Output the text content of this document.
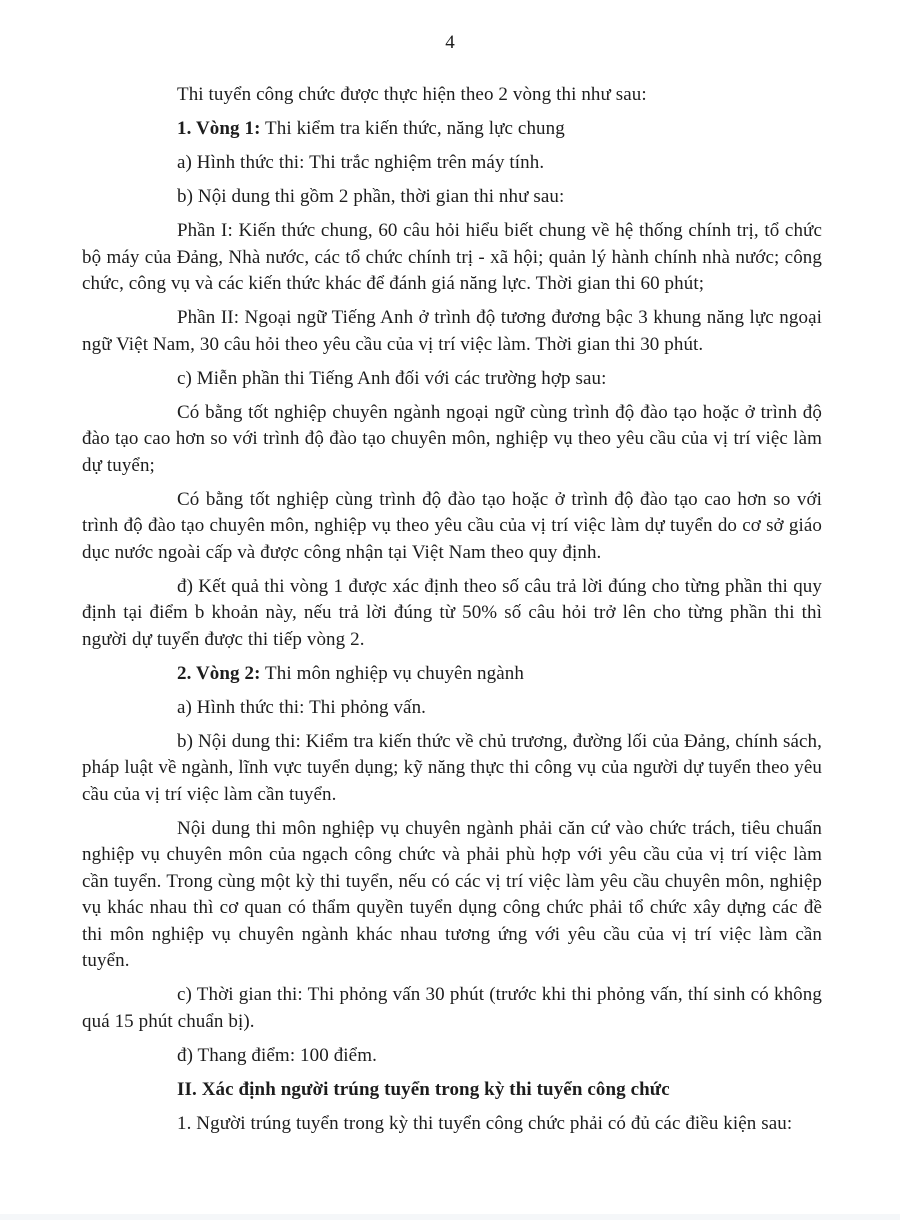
4

Thi tuyển công chức được thực hiện theo 2 vòng thi như sau:

1. Vòng 1: Thi kiểm tra kiến thức, năng lực chung

a) Hình thức thi: Thi trắc nghiệm trên máy tính.

b) Nội dung thi gồm 2 phần, thời gian thi như sau:

Phần I: Kiến thức chung, 60 câu hỏi hiểu biết chung về hệ thống chính trị, tổ chức bộ máy của Đảng, Nhà nước, các tổ chức chính trị - xã hội; quản lý hành chính nhà nước; công chức, công vụ và các kiến thức khác để đánh giá năng lực. Thời gian thi 60 phút;

Phần II: Ngoại ngữ Tiếng Anh ở trình độ tương đương bậc 3 khung năng lực ngoại ngữ Việt Nam, 30 câu hỏi theo yêu cầu của vị trí việc làm. Thời gian thi 30 phút.

c) Miễn phần thi Tiếng Anh đối với các trường hợp sau:

Có bằng tốt nghiệp chuyên ngành ngoại ngữ cùng trình độ đào tạo hoặc ở trình độ đào tạo cao hơn so với trình độ đào tạo chuyên môn, nghiệp vụ theo yêu cầu của vị trí việc làm dự tuyển;

Có bằng tốt nghiệp cùng trình độ đào tạo hoặc ở trình độ đào tạo cao hơn so với trình độ đào tạo chuyên môn, nghiệp vụ theo yêu cầu của vị trí việc làm dự tuyển do cơ sở giáo dục nước ngoài cấp và được công nhận tại Việt Nam theo quy định.

đ) Kết quả thi vòng 1 được xác định theo số câu trả lời đúng cho từng phần thi quy định tại điểm b khoản này, nếu trả lời đúng từ 50% số câu hỏi trở lên cho từng phần thi thì người dự tuyển được thi tiếp vòng 2.

2. Vòng 2: Thi môn nghiệp vụ chuyên ngành

a) Hình thức thi: Thi phỏng vấn.

b) Nội dung thi: Kiểm tra kiến thức về chủ trương, đường lối của Đảng, chính sách, pháp luật về ngành, lĩnh vực tuyển dụng; kỹ năng thực thi công vụ của người dự tuyển theo yêu cầu của vị trí việc làm cần tuyển.

Nội dung thi môn nghiệp vụ chuyên ngành phải căn cứ vào chức trách, tiêu chuẩn nghiệp vụ chuyên môn của ngạch công chức và phải phù hợp với yêu cầu của vị trí việc làm cần tuyển. Trong cùng một kỳ thi tuyển, nếu có các vị trí việc làm yêu cầu chuyên môn, nghiệp vụ khác nhau thì cơ quan có thẩm quyền tuyển dụng công chức phải tổ chức xây dựng các đề thi môn nghiệp vụ chuyên ngành khác nhau tương ứng với yêu cầu của vị trí việc làm cần tuyển.

c) Thời gian thi: Thi phỏng vấn 30 phút (trước khi thi phỏng vấn, thí sinh có không quá 15 phút chuẩn bị).

đ) Thang điểm: 100 điểm.

II. Xác định người trúng tuyển trong kỳ thi tuyển công chức

1. Người trúng tuyển trong kỳ thi tuyển công chức phải có đủ các điều kiện sau:
